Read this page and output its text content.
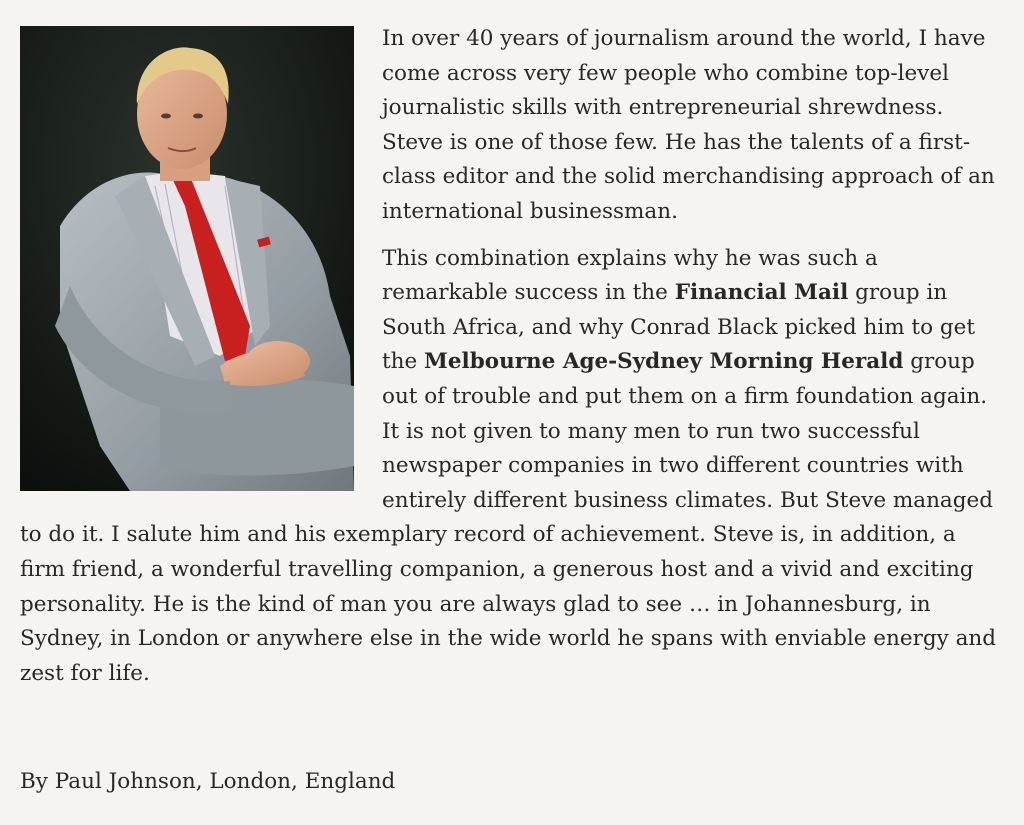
In over 40 years of journalism around the world, I have come across very few people who combine top-level journalistic skills with entrepreneurial shrewdness. Steve is one of those few. He has the talents of a first-class editor and the solid merchandising approach of an international businessman.

This combination explains why he was such a remarkable success in the Financial Mail group in South Africa, and why Conrad Black picked him to get the Melbourne Age-Sydney Morning Herald group out of trouble and put them on a firm foundation again. It is not given to many men to run two successful newspaper companies in two different countries with entirely different business climates. But Steve managed to do it. I salute him and his exemplary record of achievement. Steve is, in addition, a firm friend, a wonderful travelling companion, a generous host and a vivid and exciting personality. He is the kind of man you are always glad to see … in Johannesburg, in Sydney, in London or anywhere else in the wide world he spans with enviable energy and zest for life.

By Paul Johnson, London, England
